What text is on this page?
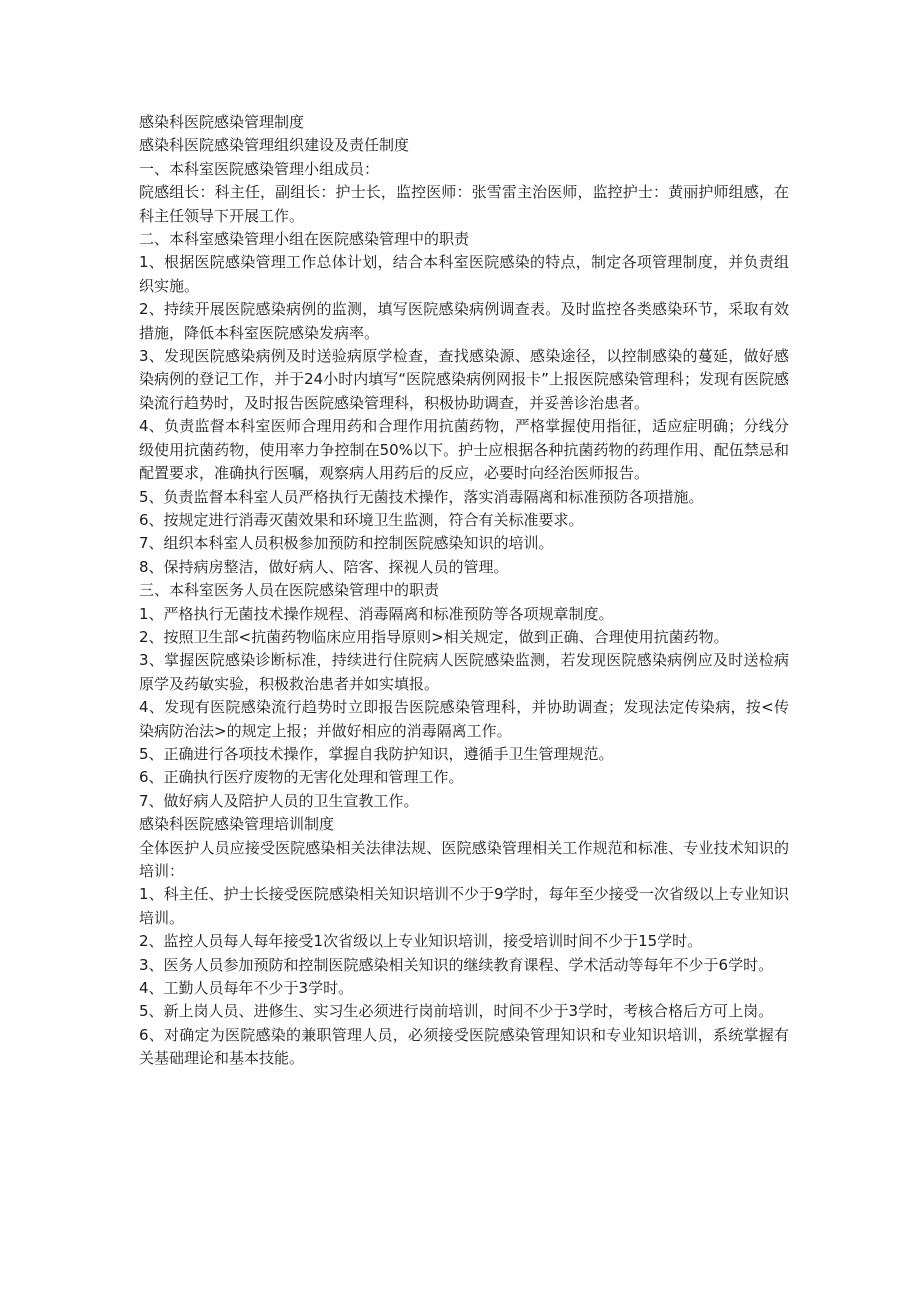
感染科医院感染管理制度

感染科医院感染管理组织建设及责任制度

一、本科室医院感染管理小组成员：

院感组长：科主任，副组长：护士长，监控医师：张雪雷主治医师，监控护士：黄丽护师组感，在科主任领导下开展工作。

二、本科室感染管理小组在医院感染管理中的职责

1、根据医院感染管理工作总体计划，结合本科室医院感染的特点，制定各项管理制度，并负责组织实施。

2、持续开展医院感染病例的监测，填写医院感染病例调查表。及时监控各类感染环节，采取有效措施，降低本科室医院感染发病率。

3、发现医院感染病例及时送验病原学检查，查找感染源、感染途径，以控制感染的蔓延，做好感染病例的登记工作，并于24小时内填写“医院感染病例网报卡”上报医院感染管理科；发现有医院感染流行趋势时，及时报告医院感染管理科，积极协助调查，并妥善诊治患者。

4、负责监督本科室医师合理用药和合理作用抗菌药物，严格掌握使用指征，适应症明确；分线分级使用抗菌药物，使用率力争控制在50%以下。护士应根据各种抗菌药物的药理作用、配伍禁忌和配置要求，准确执行医嘱，观察病人用药后的反应，必要时向经治医师报告。

5、负责监督本科室人员严格执行无菌技术操作，落实消毒隔离和标准预防各项措施。

6、按规定进行消毒灭菌效果和环境卫生监测，符合有关标准要求。

7、组织本科室人员积极参加预防和控制医院感染知识的培训。

8、保持病房整洁，做好病人、陪客、探视人员的管理。

三、本科室医务人员在医院感染管理中的职责

1、严格执行无菌技术操作规程、消毒隔离和标准预防等各项规章制度。

2、按照卫生部<抗菌药物临床应用指导原则>相关规定，做到正确、合理使用抗菌药物。

3、掌握医院感染诊断标准，持续进行住院病人医院感染监测，若发现医院感染病例应及时送检病原学及药敏实验，积极救治患者并如实填报。

4、发现有医院感染流行趋势时立即报告医院感染管理科，并协助调查；发现法定传染病，按<传染病防治法>的规定上报；并做好相应的消毒隔离工作。

5、正确进行各项技术操作，掌握自我防护知识，遵循手卫生管理规范。

6、正确执行医疗废物的无害化处理和管理工作。

7、做好病人及陪护人员的卫生宣教工作。

感染科医院感染管理培训制度

全体医护人员应接受医院感染相关法律法规、医院感染管理相关工作规范和标准、专业技术知识的培训：

1、科主任、护士长接受医院感染相关知识培训不少于9学时，每年至少接受一次省级以上专业知识培训。

2、监控人员每人每年接受1次省级以上专业知识培训，接受培训时间不少于15学时。

3、医务人员参加预防和控制医院感染相关知识的继续教育课程、学术活动等每年不少于6学时。

4、工勤人员每年不少于3学时。

5、新上岗人员、进修生、实习生必须进行岗前培训，时间不少于3学时，考核合格后方可上岗。

6、对确定为医院感染的兼职管理人员，必须接受医院感染管理知识和专业知识培训，系统掌握有关基础理论和基本技能。
